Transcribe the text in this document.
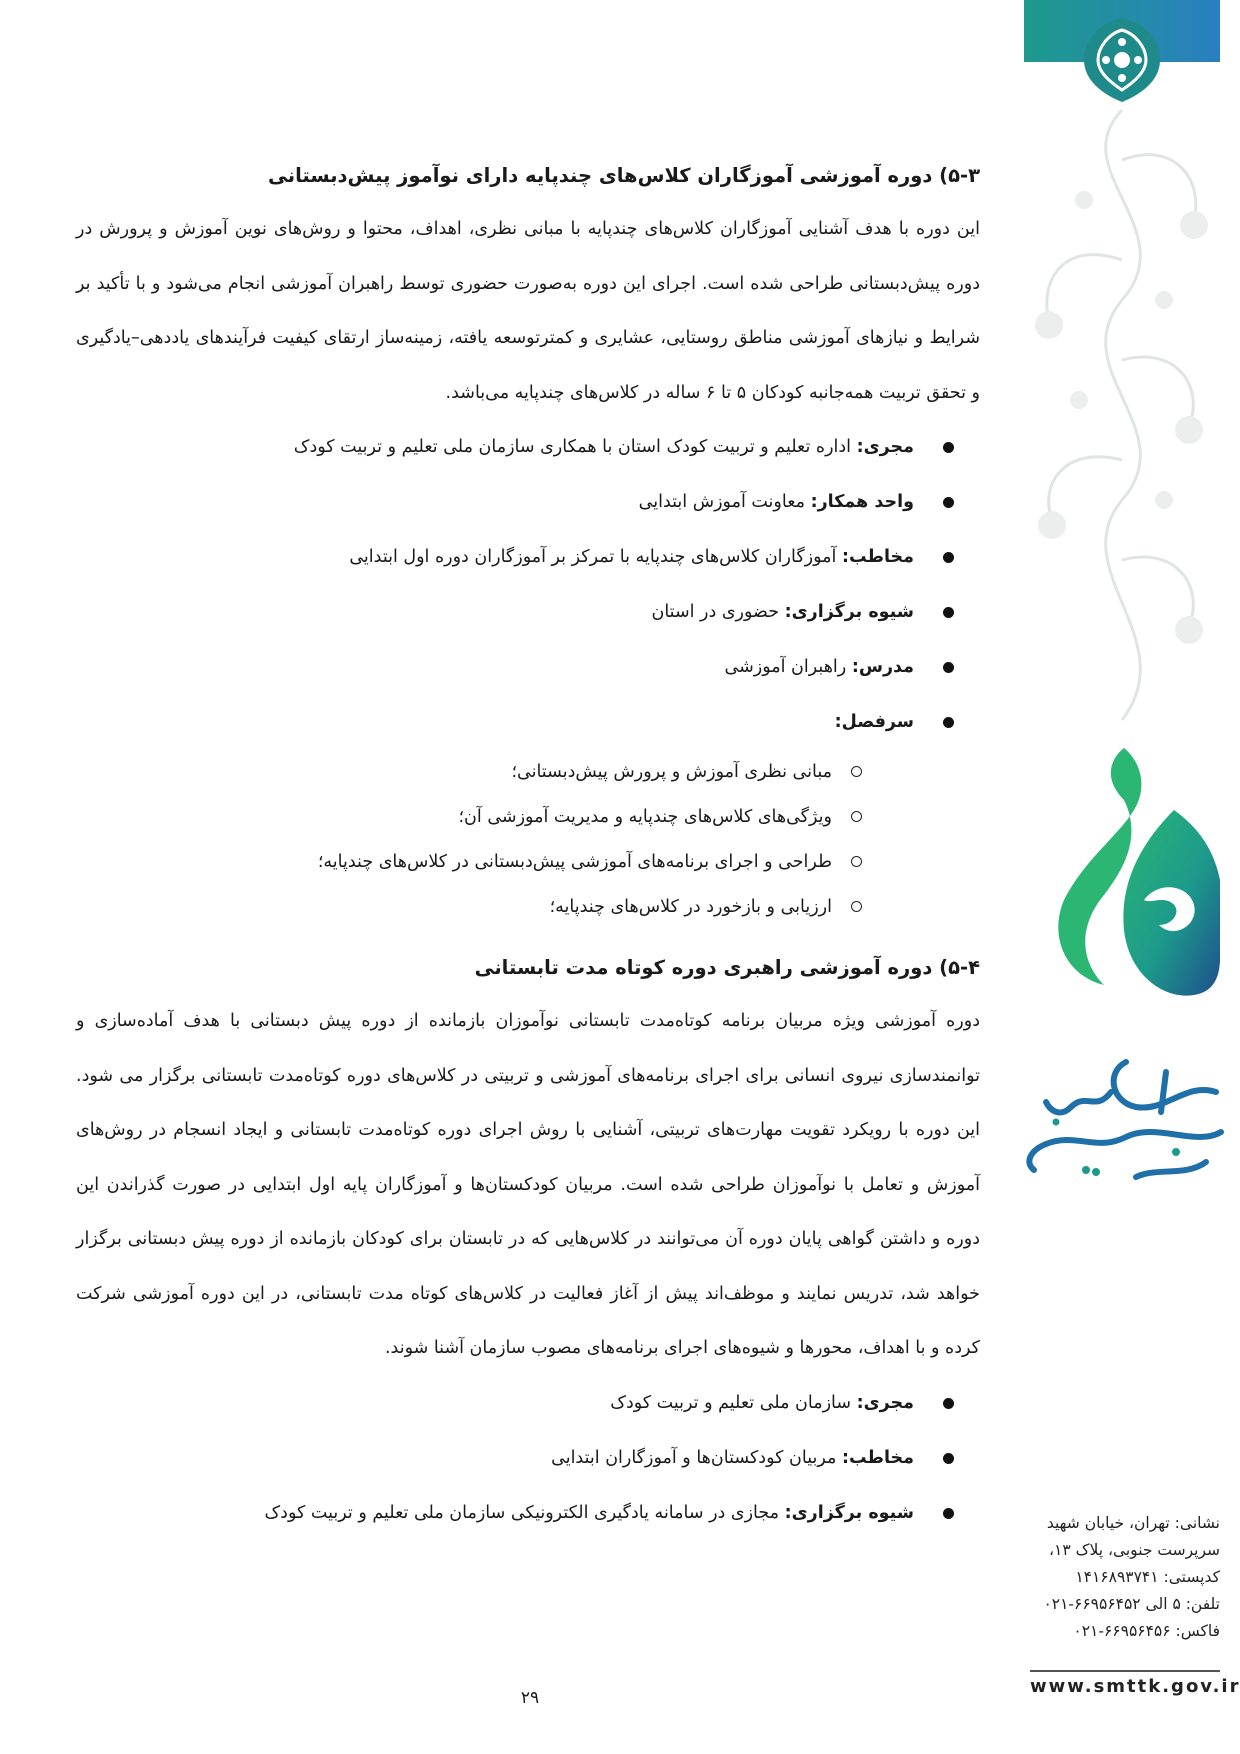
نشانی: تهران، خیابان شهید
سرپرست جنوبی، پلاک ۱۳،
کدپستی: ۱۴۱۶۸۹۳۷۴۱
تلفن: ۵ الی ۶۶۹۵۶۴۵۲-۰۲۱
فاکس: ۶۶۹۵۶۴۵۶-۰۲۱
www.smttk.gov.ir
۵-۳) دوره آموزشی آموزگاران کلاس‌های چندپایه دارای نوآموز پیش‌دبستانی

این دوره با هدف آشنایی آموزگاران کلاس‌های چندپایه با مبانی نظری، اهداف، محتوا و روش‌های نوین آموزش و پرورش در دوره پیش‌دبستانی طراحی شده است. اجرای این دوره به‌صورت حضوری توسط راهبران آموزشی انجام می‌شود و با تأکید بر شرایط و نیازهای آموزشی مناطق روستایی، عشایری و کمترتوسعه یافته، زمینه‌ساز ارتقای کیفیت فرآیندهای یاددهی–یادگیری و تحقق تربیت همه‌جانبه کودکان ۵ تا ۶ ساله در کلاس‌های چندپایه می‌باشد.

مجری: اداره تعلیم و تربیت کودک استان با همکاری سازمان ملی تعلیم و تربیت کودک
واحد همکار: معاونت آموزش ابتدایی
مخاطب: آموزگاران کلاس‌های چندپایه با تمرکز بر آموزگاران دوره اول ابتدایی
شیوه برگزاری: حضوری در استان
مدرس: راهبران آموزشی
سرفصل:
مبانی نظری آموزش و پرورش پیش‌دبستانی؛
ویژگی‌های کلاس‌های چندپایه و مدیریت آموزشی آن؛
طراحی و اجرای برنامه‌های آموزشی پیش‌دبستانی در کلاس‌های چندپایه؛
ارزیابی و بازخورد در کلاس‌های چندپایه؛
۵-۴) دوره آموزشی راهبری دوره کوتاه مدت تابستانی

دوره آموزشی ویژه مربیان برنامه کوتاه‌مدت تابستانی نوآموزان بازمانده از دوره پیش دبستانی با هدف آماده‌سازی و توانمندسازی نیروی انسانی برای اجرای برنامه‌های آموزشی و تربیتی در کلاس‌های دوره کوتاه‌مدت تابستانی برگزار می شود. این دوره با رویکرد تقویت مهارت‌های تربیتی، آشنایی با روش اجرای دوره کوتاه‌مدت تابستانی و ایجاد انسجام در روش‌های آموزش و تعامل با نوآموزان طراحی شده است. مربیان کودکستان‌ها و آموزگاران پایه اول ابتدایی در صورت گذراندن این دوره و داشتن گواهی پایان دوره آن می‌توانند در کلاس‌هایی که در تابستان برای کودکان بازمانده از دوره پیش دبستانی برگزار خواهد شد، تدریس نمایند و موظف‌اند پیش از آغاز فعالیت در کلاس‌های کوتاه مدت تابستانی، در این دوره آموزشی شرکت کرده و با اهداف، محورها و شیوه‌های اجرای برنامه‌های مصوب سازمان آشنا شوند.

مجری: سازمان ملی تعلیم و تربیت کودک
مخاطب: مربیان کودکستان‌ها و آموزگاران ابتدایی
شیوه برگزاری: مجازی در سامانه یادگیری الکترونیکی سازمان ملی تعلیم و تربیت کودک
۲۹
